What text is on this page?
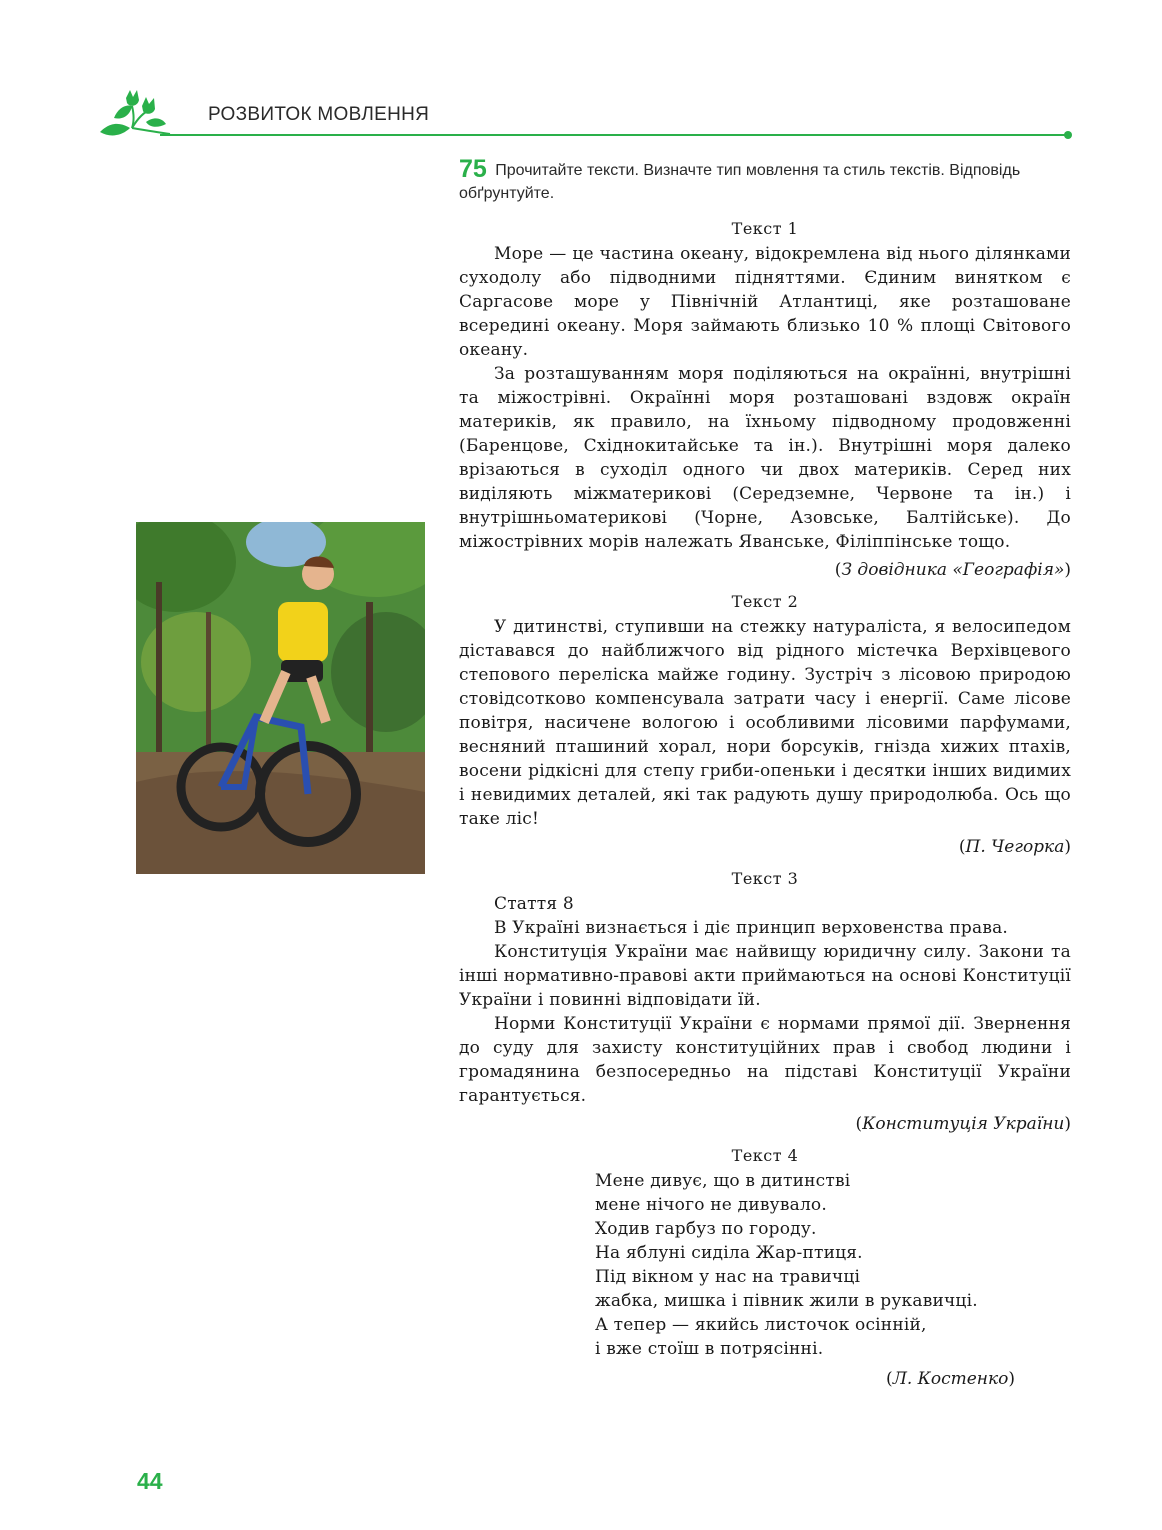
РОЗВИТОК МОВЛЕННЯ

75 Прочитайте тексти. Визначте тип мовлення та стиль текстів. Відповідь обґрунтуйте.

Текст 1

Море — це частина океану, відокремлена від нього ділянками суходолу або підводними підняттями. Єдиним винятком є Саргасове море у Північній Атлантиці, яке розташоване всередині океану. Моря займають близько 10 % площі Світового океану.

За розташуванням моря поділяються на окраїнні, внутрішні та міжострівні. Окраїнні моря розташовані вздовж окраїн материків, як правило, на їхньому підводному продовженні (Баренцове, Східнокитайське та ін.). Внутрішні моря далеко врізаються в суходіл одного чи двох материків. Серед них виділяють міжматерикові (Середземне, Червоне та ін.) і внутрішньоматерикові (Чорне, Азовське, Балтійське). До міжострівних морів належать Яванське, Філіппінське тощо.

(З довідника «Географія»)
Текст 2

У дитинстві, ступивши на стежку натураліста, я велосипедом діставався до найближчого від рідного містечка Верхівцевого степового переліска майже годину. Зустріч з лісовою природою стовідсотково компенсувала затрати часу і енергії. Саме лісове повітря, насичене вологою і особливими лісовими парфумами, весняний пташиний хорал, нори борсуків, гнізда хижих птахів, восени рідкісні для степу гриби-опеньки і десятки інших видимих і невидимих деталей, які так радують душу природолюба. Ось що таке ліс!

(П. Чегорка)
Текст 3

Стаття 8

В Україні визнається і діє принцип верховенства права.

Конституція України має найвищу юридичну силу. Закони та інші нормативно-правові акти приймаються на основі Конституції України і повинні відповідати їй.

Норми Конституції України є нормами прямої дії. Звернення до суду для захисту конституційних прав і свобод людини і громадянина безпосередньо на підставі Конституції України гарантується.

(Конституція України)
Текст 4
Мене дивує, що в дитинстві
мене нічого не дивувало.
Ходив гарбуз по городу.
На яблуні сиділа Жар-птиця.
Під вікном у нас на травичці
жабка, мишка і півник жили в рукавичці.
А тепер — якийсь листочок осінній,
і вже стоїш в потрясінні.
(Л. Костенко)
44
